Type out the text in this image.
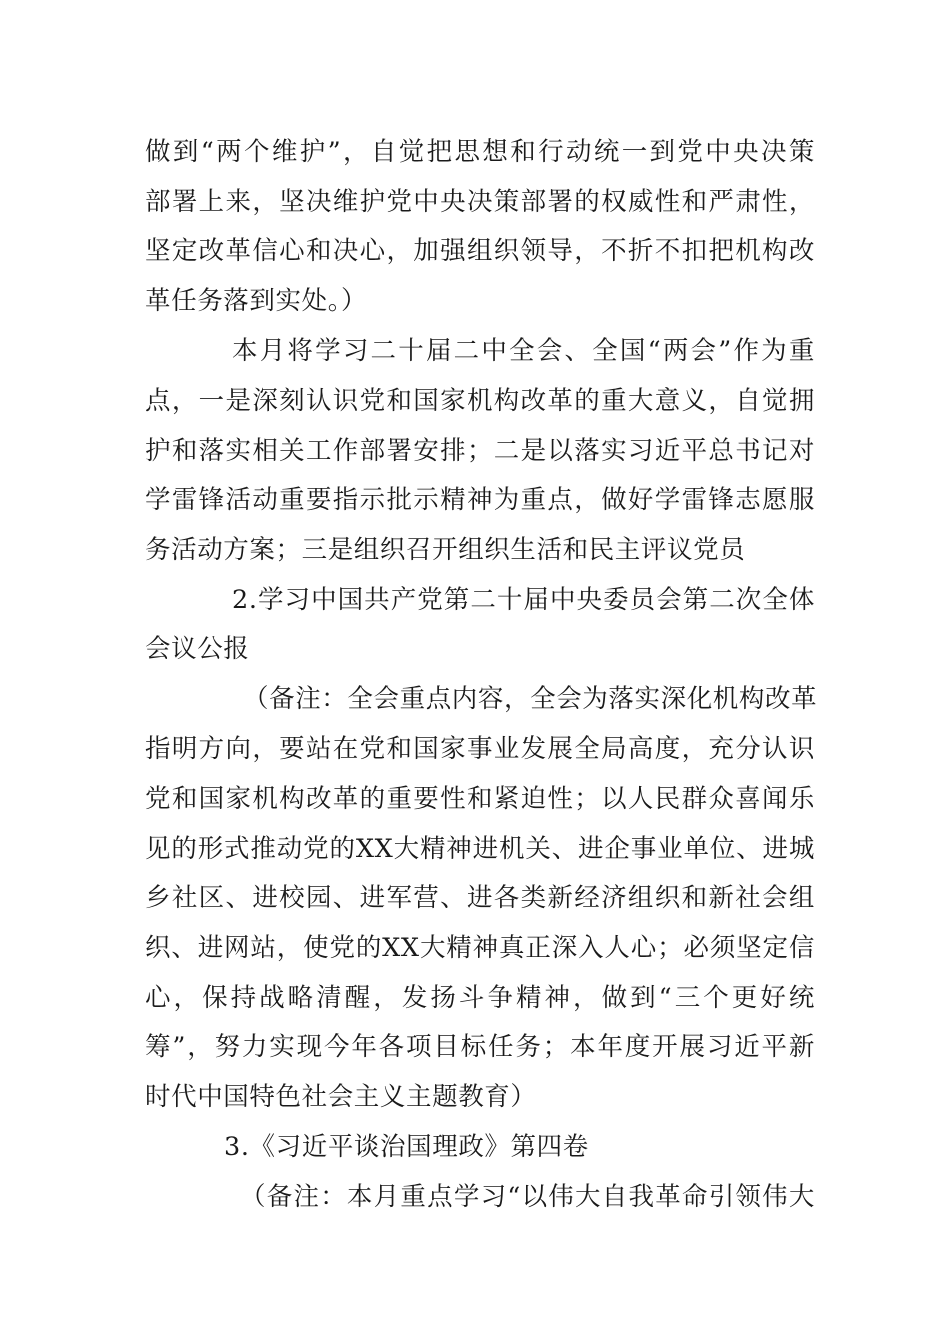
做到“两个维护”，自觉把思想和行动统一到党中央决策
部署上来，坚决维护党中央决策部署的权威性和严肃性，
坚定改革信心和决心，加强组织领导，不折不扣把机构改
革任务落到实处。）
本月将学习二十届二中全会、全国“两会”作为重
点，一是深刻认识党和国家机构改革的重大意义，自觉拥
护和落实相关工作部署安排；二是以落实习近平总书记对
学雷锋活动重要指示批示精神为重点，做好学雷锋志愿服
务活动方案；三是组织召开组织生活和民主评议党员
2.学习中国共产党第二十届中央委员会第二次全体
会议公报
（备注：全会重点内容，全会为落实深化机构改革
指明方向，要站在党和国家事业发展全局高度，充分认识
党和国家机构改革的重要性和紧迫性；以人民群众喜闻乐
见的形式推动党的XX大精神进机关、进企事业单位、进城
乡社区、进校园、进军营、进各类新经济组织和新社会组
织、进网站，使党的XX大精神真正深入人心；必须坚定信
心，保持战略清醒，发扬斗争精神，做到“三个更好统
筹”，努力实现今年各项目标任务；本年度开展习近平新
时代中国特色社会主义主题教育）
3.《习近平谈治国理政》第四卷
（备注：本月重点学习“以伟大自我革命引领伟大
